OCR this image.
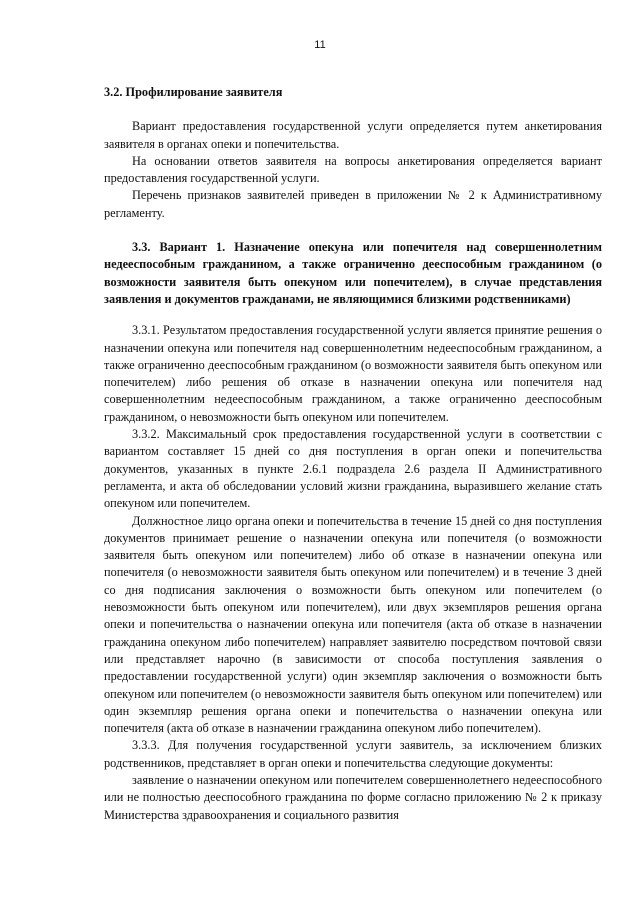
11

3.2. Профилирование заявителя

Вариант предоставления государственной услуги определяется путем анкетирования заявителя в органах опеки и попечительства.

На основании ответов заявителя на вопросы анкетирования определяется вариант предоставления государственной услуги.

Перечень признаков заявителей приведен в приложении № 2 к Административному регламенту.

3.3. Вариант 1. Назначение опекуна или попечителя над совершеннолетним недееспособным гражданином, а также ограниченно дееспособным гражданином (о возможности заявителя быть опекуном или попечителем), в случае представления заявления и документов гражданами, не являющимися близкими родственниками)

3.3.1. Результатом предоставления государственной услуги является принятие решения о назначении опекуна или попечителя над совершеннолетним недееспособным гражданином, а также ограниченно дееспособным гражданином (о возможности заявителя быть опекуном или попечителем) либо решения об отказе в назначении опекуна или попечителя над совершеннолетним недееспособным гражданином, а также ограниченно дееспособным гражданином, о невозможности быть опекуном или попечителем.

3.3.2. Максимальный срок предоставления государственной услуги в соответствии с вариантом составляет 15 дней со дня поступления в орган опеки и попечительства документов, указанных в пункте 2.6.1 подраздела 2.6 раздела II Административного регламента, и акта об обследовании условий жизни гражданина, выразившего желание стать опекуном или попечителем.

Должностное лицо органа опеки и попечительства в течение 15 дней со дня поступления документов принимает решение о назначении опекуна или попечителя (о возможности заявителя быть опекуном или попечителем) либо об отказе в назначении опекуна или попечителя (о невозможности заявителя быть опекуном или попечителем) и в течение 3 дней со дня подписания заключения о возможности быть опекуном или попечителем (о невозможности быть опекуном или попечителем), или двух экземпляров решения органа опеки и попечительства о назначении опекуна или попечителя (акта об отказе в назначении гражданина опекуном либо попечителем) направляет заявителю посредством почтовой связи или представляет нарочно (в зависимости от способа поступления заявления о предоставлении государственной услуги) один экземпляр заключения о возможности быть опекуном или попечителем (о невозможности заявителя быть опекуном или попечителем) или один экземпляр решения органа опеки и попечительства о назначении опекуна или попечителя (акта об отказе в назначении гражданина опекуном либо попечителем).

3.3.3. Для получения государственной услуги заявитель, за исключением близких родственников, представляет в орган опеки и попечительства следующие документы:

заявление о назначении опекуном или попечителем совершеннолетнего недееспособного или не полностью дееспособного гражданина по форме согласно приложению № 2 к приказу Министерства здравоохранения и социального развития
